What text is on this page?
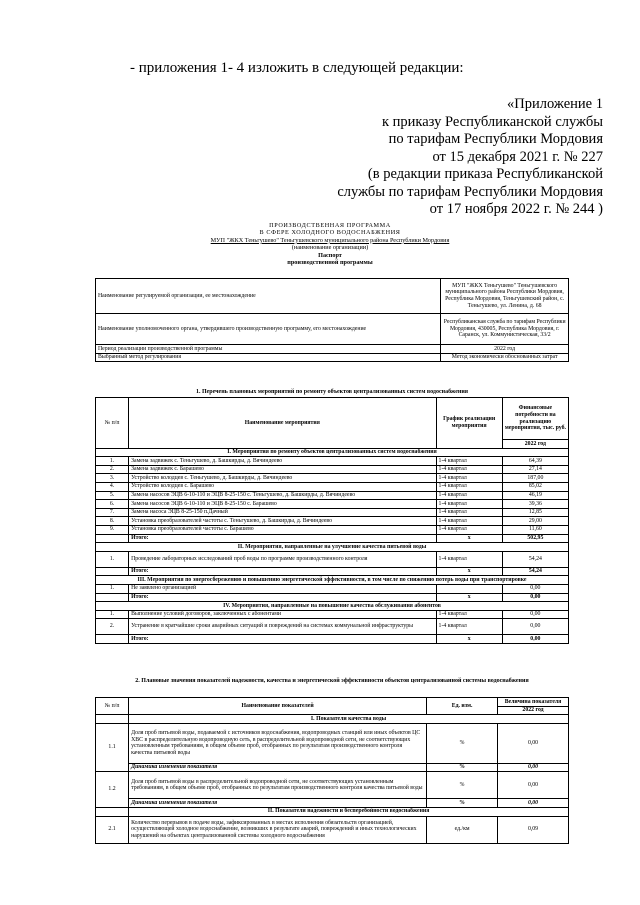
- приложения 1- 4 изложить в следующей редакции:
«Приложение 1
к приказу Республиканской службы
по тарифам Республики Мордовия
от 15 декабря 2021 г. № 227
(в редакции приказа Республиканской
службы по тарифам Республики Мордовия
от 17 ноября 2022 г. № 244 )
ПРОИЗВОДСТВЕННАЯ ПРОГРАММА
В СФЕРЕ ХОЛОДНОГО ВОДОСНАБЖЕНИЯ
МУП "ЖКХ Теньгушево" Теньгушевского муниципального района Республики Мордовия
(наименование организации)
Паспорт
производственной программы
Наименование регулируемой организации, ее местонахождение	МУП "ЖКХ Теньгушево" Теньгушевского муниципального района Республики Мордовия, Республика Мордовия, Теньгушевский район, с. Теньгушево, ул. Ленина, д. 68
Наименование уполномоченного органа, утвердившего производственную программу, его местонахождение	Республиканская служба по тарифам Республики Мордовия, 430005, Республика Мордовия, г. Саранск, ул. Коммунистическая, 33/2
Период реализации производственной программы	2022 год
Выбранный метод регулирования	Метод экономически обоснованных затрат
1. Перечень плановых мероприятий по ремонту объектов централизованных систем водоснабжения
№ п/п	Наименование мероприятия	График реализации мероприятия	Финансовые потребности на реализацию мероприятия, тыс. руб.
			2022 год
I. Мероприятия по ремонту объектов централизованных систем водоснабжения			
1.	Замена задвижек с. Теньгушево, д. Башкирды, д. Вячиндеево	1-4 квартал	64,39
2.	Замена задвижек с. Барашево	1-4 квартал	27,14
3.	Устройство колодцев с. Теньгушево, д. Башкирды, д. Вячиндеево	1-4 квартал	187,00
4.	Устройство колодцев с. Барашево	1-4 квартал	85,02
5.	Замена насосов ЭЦВ 6-10-110 и ЭЦВ 8-25-150 с. Теньгушево, д. Башкирды, д. Вячиндеево	1-4 квартал	46,19
6.	Замена насосов ЭЦВ 6-10-110 и ЭЦВ 8-25-150 с. Барашево	1-4 квартал	39,36
7.	Замена насоса ЭЦВ 8-25-150 п.Дачный	1-4 квартал	12,85
8.	Установка преобразователей частоты с. Теньгушево, д. Башкирды, д. Вячиндеево	1-4 квартал	29,00
9.	Установка преобразователей частоты с. Барашево	1-4 квартал	11,60
	Итого:	х	502,95
II. Мероприятия, направленные на улучшение качества питьевой воды			
1.	Проведение лабораторных исследований проб воды по программе производственного контроля	1-4 квартал	54,24
	Итого:	х	54,24
III. Мероприятия по энергосбережению и повышению энергетической эффективности, в том числе по снижению потерь воды при транспортировке			
1.	Не заявлено организацией		0,00
	Итого:	х	0,00
IV. Мероприятия, направленные на повышение качества обслуживания абонентов			
1.	Выполнение условий договоров, заключенных с абонентами	1-4 квартал	0,00
2.	Устранение в кратчайшие сроки аварийных ситуаций и повреждений на системах коммунальной инфраструктуры	1-4 квартал	0,00
	Итого:	х	0,00
2. Плановые значения показателей надежности, качества и энергетической эффективности объектов централизованной системы водоснабжения
№ п/п	Наименование показателей	Ед. изм.	Величина показателя
			2022 год
	I. Показатели качества воды		
1.1	Доля проб питьевой воды, подаваемой с источников водоснабжения, водопроводных станций или иных объектов ЦС ХВС в распределительную водопроводную сеть, в распределительной водопроводной сети, не соответствующих установленным требованиям, в общем объеме проб, отобранных по результатам производственного контроля качества питьевой воды	%	0,00
	Динамика изменения показателя	%	0,00
1.2	Доля проб питьевой воды в распределительной водопроводной сети, не соответствующих установленным требованиям, в общем объеме проб, отобранных по результатам производственного контроля качества питьевой воды	%	0,00
	Динамика изменения показателя	%	0,00
	II. Показатели надежности и бесперебойности водоснабжения		
2.1	Количество перерывов в подаче воды, зафиксированных в местах исполнения обязательств организацией, осуществляющей холодное водоснабжение, возникших в результате аварий, повреждений и иных технологических нарушений на объектах централизованной системы холодного водоснабжения	ед./км	0,09
